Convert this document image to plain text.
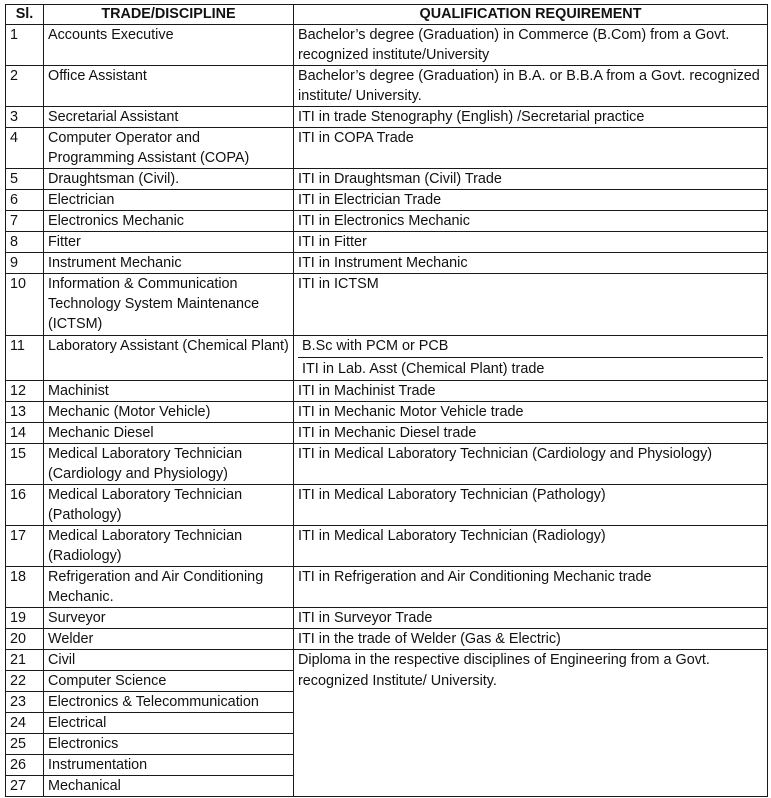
Sl.	TRADE/DISCIPLINE	QUALIFICATION REQUIREMENT
1	Accounts Executive	Bachelor’s degree (Graduation) in Commerce (B.Com) from a Govt. recognized institute/University
2	Office Assistant	Bachelor’s degree (Graduation) in B.A. or B.B.A from a Govt. recognized institute/ University.
3	Secretarial Assistant	ITI in trade Stenography (English) /Secretarial practice
4	Computer Operator and Programming Assistant (COPA)	ITI in COPA Trade
5	Draughtsman (Civil).	ITI in Draughtsman (Civil) Trade
6	Electrician	ITI in Electrician Trade
7	Electronics Mechanic	ITI in Electronics Mechanic
8	Fitter	ITI in Fitter
9	Instrument Mechanic	ITI in Instrument Mechanic
10	Information & Communication Technology System Maintenance (ICTSM)	ITI in ICTSM
11	Laboratory Assistant (Chemical Plant)	B.Sc with PCM or PCB
ITI in Lab. Asst (Chemical Plant) trade

12	Machinist	ITI in Machinist Trade
13	Mechanic (Motor Vehicle)	ITI in Mechanic Motor Vehicle trade
14	Mechanic Diesel	ITI in Mechanic Diesel trade
15	Medical Laboratory Technician (Cardiology and Physiology)	ITI in Medical Laboratory Technician (Cardiology and Physiology)
16	Medical Laboratory Technician (Pathology)	ITI in Medical Laboratory Technician (Pathology)
17	Medical Laboratory Technician (Radiology)	ITI in Medical Laboratory Technician (Radiology)
18	Refrigeration and Air Conditioning Mechanic.	ITI in Refrigeration and Air Conditioning Mechanic trade
19	Surveyor	ITI in Surveyor Trade
20	Welder	ITI in the trade of Welder (Gas & Electric)
21	Civil	Diploma in the respective disciplines of Engineering from a Govt. recognized Institute/ University.
22	Computer Science	
23	Electronics & Telecommunication	
24	Electrical	
25	Electronics	
26	Instrumentation	
27	Mechanical	
